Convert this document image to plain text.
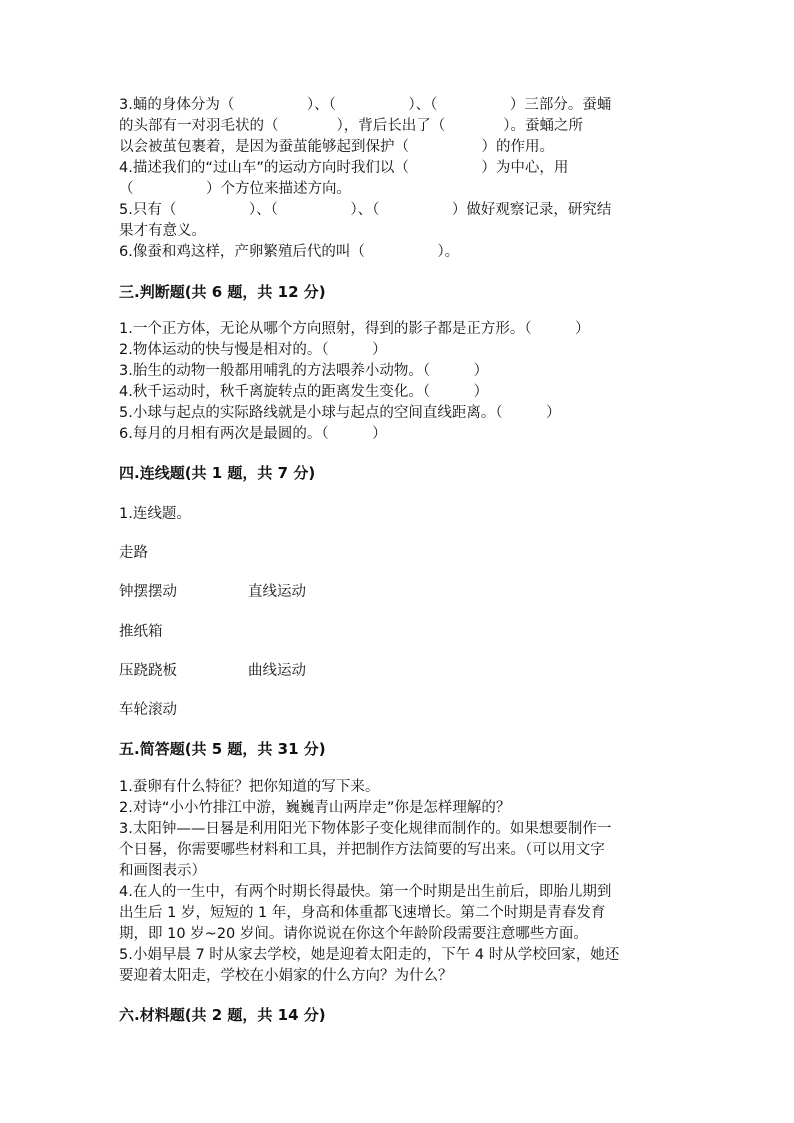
3.蛹的身体分为（　　　　　）、（　　　　　）、（　　　　　）三部分。蚕蛹

的头部有一对羽毛状的（　　　　），背后长出了（　　　　）。蚕蛹之所

以会被茧包裹着，是因为蚕茧能够起到保护（　　　　　）的作用。

4.描述我们的“过山车”的运动方向时我们以（　　　　　）为中心，用

（　　　　　）个方位来描述方向。

5.只有（　　　　　）、（　　　　　）、（　　　　　）做好观察记录，研究结

果才有意义。

6.像蚕和鸡这样，产卵繁殖后代的叫（　　　　　）。

三.判断题(共 6 题，共 12 分)

1.一个正方体，无论从哪个方向照射，得到的影子都是正方形。（　　　）

2.物体运动的快与慢是相对的。（　　　）

3.胎生的动物一般都用哺乳的方法喂养小动物。（　　　）

4.秋千运动时，秋千离旋转点的距离发生变化。（　　　）

5.小球与起点的实际路线就是小球与起点的空间直线距离。（　　　）

6.每月的月相有两次是最圆的。（　　　）

四.连线题(共 1 题，共 7 分)
1.连线题。
走路
钟摆摆动	直线运动
推纸箱
压跷跷板	曲线运动
车轮滚动
五.简答题(共 5 题，共 31 分)

1.蚕卵有什么特征？把你知道的写下来。

2.对诗“小小竹排江中游，巍巍青山两岸走”你是怎样理解的？

3.太阳钟——日晷是利用阳光下物体影子变化规律而制作的。如果想要制作一

个日晷，你需要哪些材料和工具，并把制作方法简要的写出来。（可以用文字

和画图表示）

4.在人的一生中，有两个时期长得最快。第一个时期是出生前后，即胎儿期到

出生后 1 岁，短短的 1 年，身高和体重都飞速增长。第二个时期是青春发育

期，即 10 岁~20 岁间。请你说说在你这个年龄阶段需要注意哪些方面。

5.小娟早晨 7 时从家去学校，她是迎着太阳走的，下午 4 时从学校回家，她还

要迎着太阳走，学校在小娟家的什么方向？为什么？

六.材料题(共 2 题，共 14 分)
